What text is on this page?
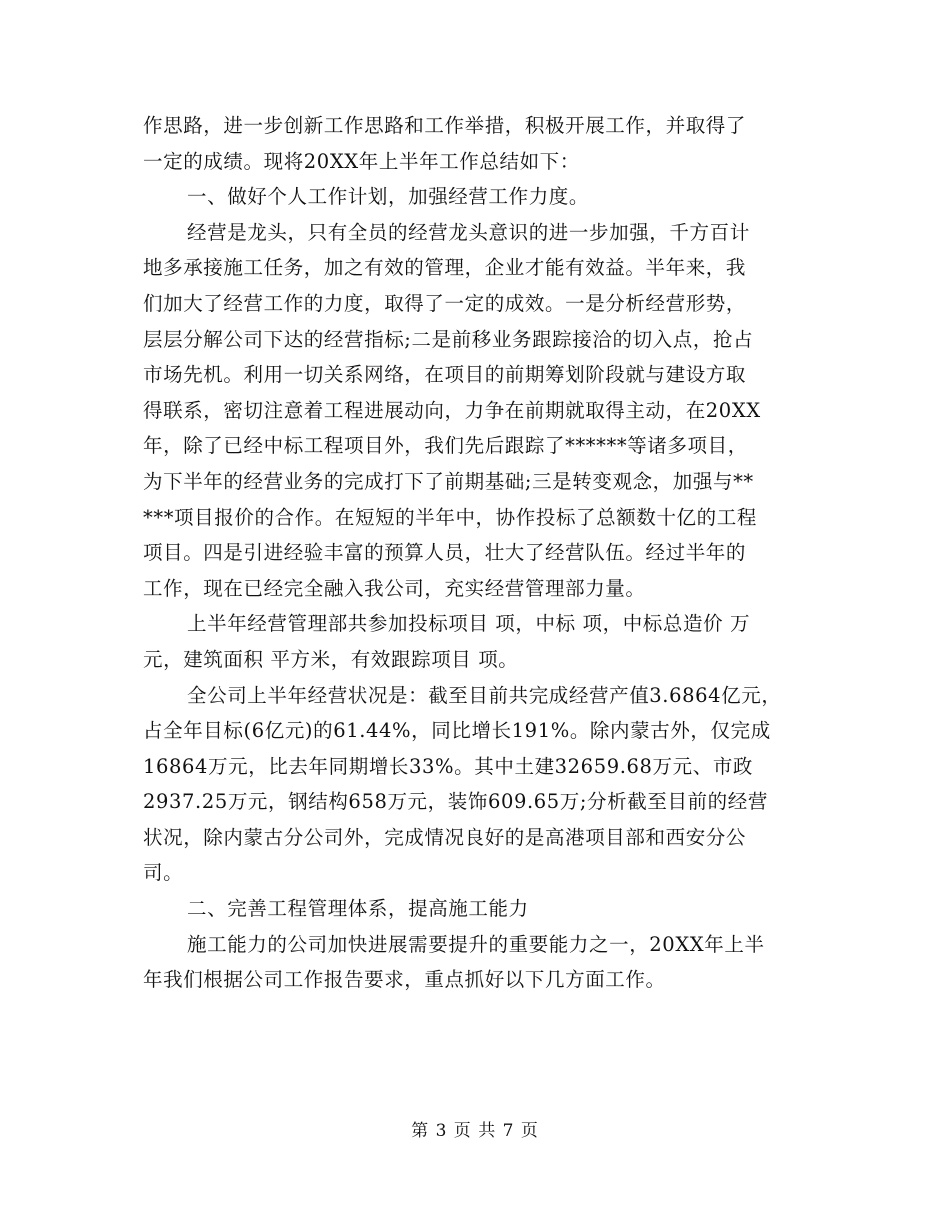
作思路，进一步创新工作思路和工作举措，积极开展工作，并取得了
一定的成绩。现将20XX年上半年工作总结如下：
一、做好个人工作计划，加强经营工作力度。
经营是龙头，只有全员的经营龙头意识的进一步加强，千方百计
地多承接施工任务，加之有效的管理，企业才能有效益。半年来，我
们加大了经营工作的力度，取得了一定的成效。一是分析经营形势，
层层分解公司下达的经营指标;二是前移业务跟踪接洽的切入点，抢占
市场先机。利用一切关系网络，在项目的前期筹划阶段就与建设方取
得联系，密切注意着工程进展动向，力争在前期就取得主动，在20XX
年，除了已经中标工程项目外，我们先后跟踪了******等诸多项目，
为下半年的经营业务的完成打下了前期基础;三是转变观念，加强与**
***项目报价的合作。在短短的半年中，协作投标了总额数十亿的工程
项目。四是引进经验丰富的预算人员，壮大了经营队伍。经过半年的
工作，现在已经完全融入我公司，充实经营管理部力量。
上半年经营管理部共参加投标项目 项，中标 项，中标总造价 万
元，建筑面积 平方米，有效跟踪项目 项。
全公司上半年经营状况是：截至目前共完成经营产值3.6864亿元，
占全年目标(6亿元)的61.44%，同比增长191%。除内蒙古外，仅完成
16864万元，比去年同期增长33%。其中土建32659.68万元、市政
2937.25万元，钢结构658万元，装饰609.65万;分析截至目前的经营
状况，除内蒙古分公司外，完成情况良好的是高港项目部和西安分公
司。
二、完善工程管理体系，提高施工能力
施工能力的公司加快进展需要提升的重要能力之一，20XX年上半
年我们根据公司工作报告要求，重点抓好以下几方面工作。
第 3 页 共 7 页
